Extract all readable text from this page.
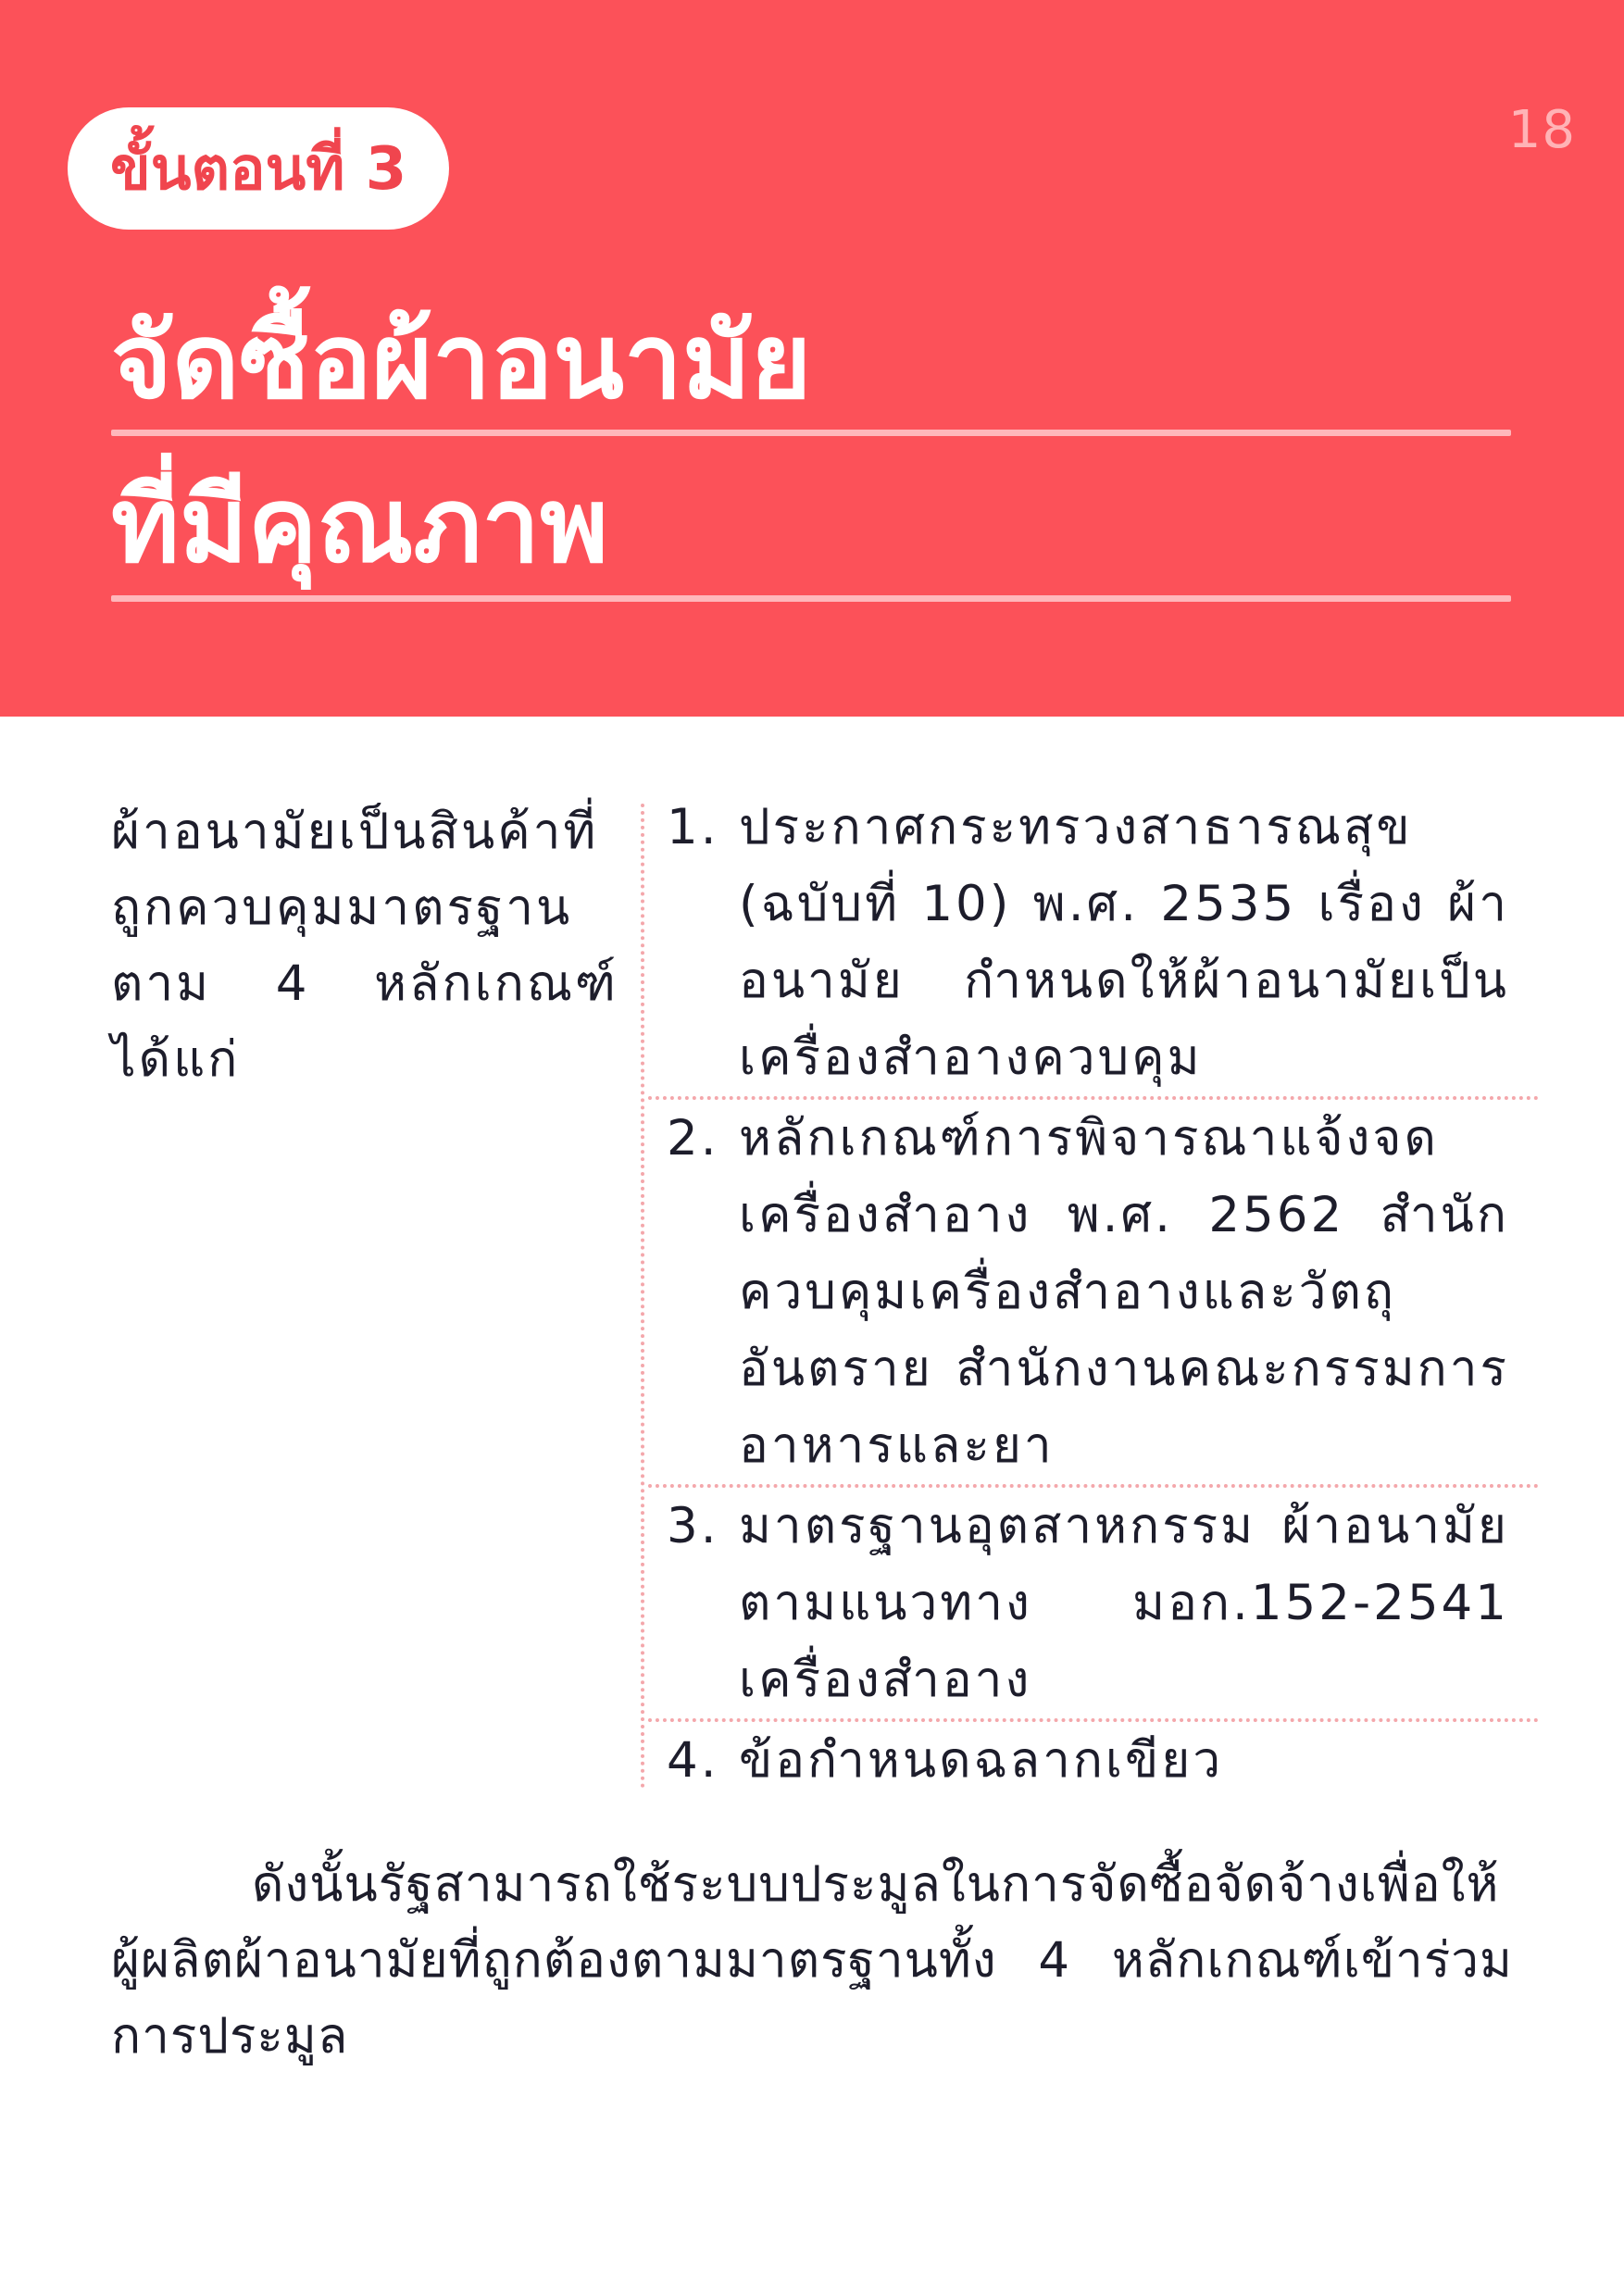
18
ขั้นตอนที่ 3
จัดซื้อผ้าอนามัย
ที่มีคุณภาพ
ผ้าอนามัยเป็นสินค้าที่ถูกควบคุมมาตรฐานตาม 4 หลักเกณฑ์ ได้แก่
1. ประกาศกระทรวงสาธารณสุข (ฉบับที่ 10) พ.ศ. 2535 เรื่อง ผ้าอนามัย กำหนดให้ผ้าอนามัยเป็นเครื่องสำอางควบคุม
2. หลักเกณฑ์การพิจารณาแจ้งจดเครื่องสำอาง พ.ศ. 2562 สำนักควบคุมเครื่องสำอางและวัตถุอันตราย สำนักงานคณะกรรมการอาหารและยา
3. มาตรฐานอุตสาหกรรม ผ้าอนามัยตามแนวทาง มอก.152-2541 เครื่องสำอาง
4. ข้อกำหนดฉลากเขียว
ดังนั้นรัฐสามารถใช้ระบบประมูลในการจัดซื้อจัดจ้างเพื่อให้ผู้ผลิตผ้าอนามัยที่ถูกต้องตามมาตรฐานทั้ง 4 หลักเกณฑ์เข้าร่วมการประมูล
